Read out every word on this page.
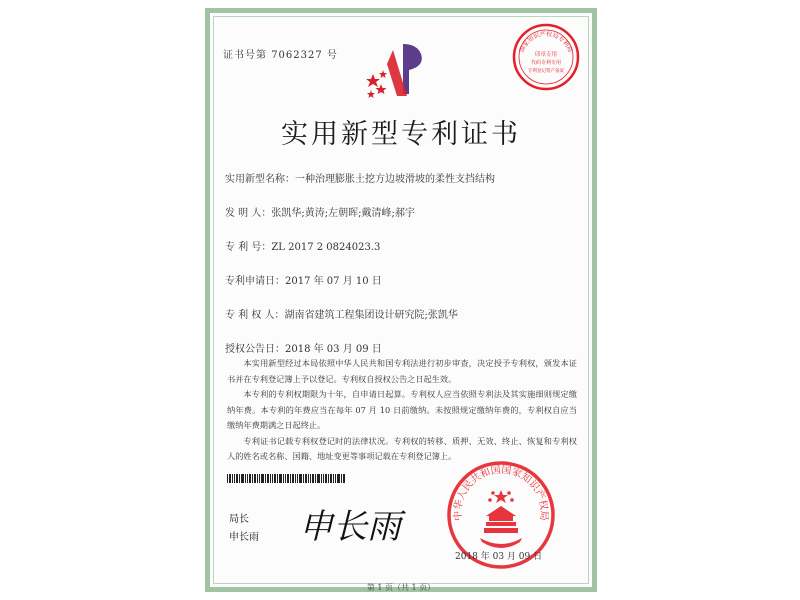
证书号第 7062327 号
国家知识产权局专利局
印章专用
代码专利专用
专利登记资产备案
实用新型专利证书
实用新型名称：一种治理膨胀土挖方边坡滑坡的柔性支挡结构
发 明 人：张凯华;黄涛;左朝晖;戴清峰;郝宇
专 利 号：ZL 2017 2 0824023.3
专利申请日：2017 年 07 月 10 日
专 利 权 人：湖南省建筑工程集团设计研究院;张凯华
授权公告日：2018 年 03 月 09 日

本实用新型经过本局依照中华人民共和国专利法进行初步审查，决定授予专利权，颁发本证书并在专利登记簿上予以登记。专利权自授权公告之日起生效。

本专利的专利权期限为十年，自申请日起算。专利权人应当依照专利法及其实施细则规定缴纳年费。本专利的年费应当在每年 07 月 10 日前缴纳。未按照规定缴纳年费的，专利权自应当缴纳年费期满之日起终止。

专利证书记载专利权登记时的法律状况。专利权的转移、质押、无效、终止、恢复和专利权人的姓名或名称、国籍、地址变更等事项记载在专利登记簿上。

局长
申长雨 申长雨	中华人民共和国国家知识产权局
2018 年 03 月 09 日
第 1 页（共 1 页）
